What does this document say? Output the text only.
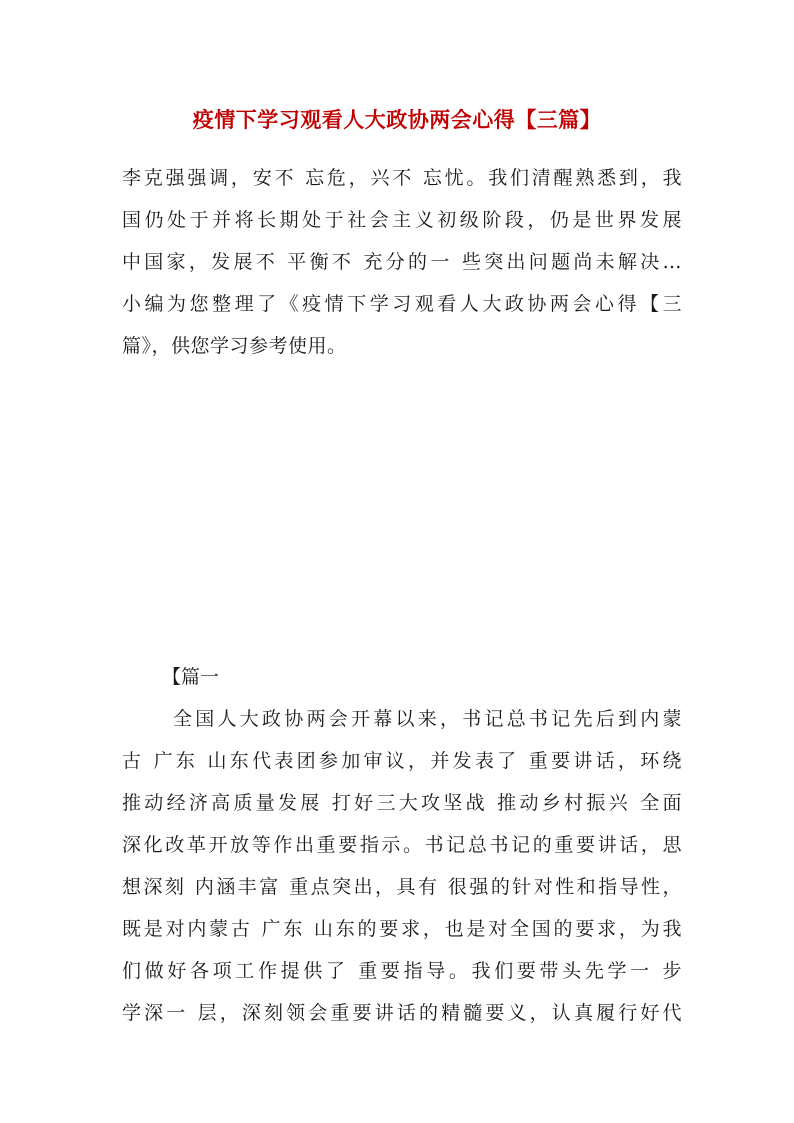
疫情下学习观看人大政协两会心得【三篇】
李克强强调，安不 忘危，兴不 忘忧。我们清醒熟悉到，我
国仍处于并将长期处于社会主义初级阶段，仍是世界发展
中国家，发展不 平衡不 充分的一 些突出问题尚未解决…
小编为您整理了《疫情下学习观看人大政协两会心得【三
篇》，供您学习参考使用。
【篇一
全国人大政协两会开幕以来，书记总书记先后到内蒙
古 广东 山东代表团参加审议，并发表了 重要讲话，环绕
推动经济高质量发展 打好三大攻坚战 推动乡村振兴 全面
深化改革开放等作出重要指示。书记总书记的重要讲话，思
想深刻 内涵丰富 重点突出，具有 很强的针对性和指导性，
既是对内蒙古 广东 山东的要求，也是对全国的要求，为我
们做好各项工作提供了 重要指导。我们要带头先学一 步
学深一 层，深刻领会重要讲话的精髓要义，认真履行好代
